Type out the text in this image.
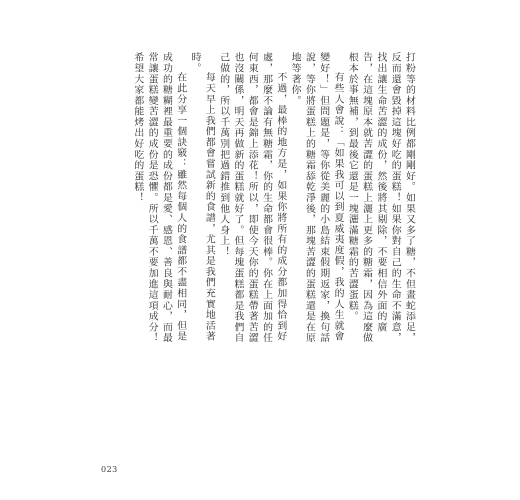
打粉等的材料比例都剛剛好。如果又多了糖，不但畫蛇添足，反而還會毀掉這塊好吃的蛋糕！如果你對自己的生命不滿意，找出讓生命苦澀的成份，然後將其剔除，不要相信外面的廣告，在這塊原本就苦澀的蛋糕上灑上更多的糖霜，因為這麼做根本於事無補，到最後它還是一塊灑滿糖霜的苦澀蛋糕。

有些人會說：「如果我可以到夏威夷度假，我的人生就會變好！」但問題是，等你從美麗的小島結束假期返家，換句話說，等你將蛋糕上的糖霜舔乾淨後，那塊苦澀的蛋糕還是在原地等著你。

不過，最棒的地方是，如果你將所有的成分都加得恰到好處，那麼不論有無糖霜，你的生命都會很棒。你在上面加的任何東西，都會是錦上添花！所以，即使今天你的蛋糕帶著苦澀也沒關係，明天再做新的蛋糕就好了。但每塊蛋糕都是我們自己做的，所以千萬別把過錯推到他人身上！

每天早上我們都會嘗試新的食譜，尤其是我們充實地活著時。

在此分享一個訣竅：雖然每個人的食譜都不盡相同，但是成功的糖糊裡最重要的成份都是愛、感恩、善良與耐心，而最常讓蛋糕變苦澀的成份是恐懼。所以千萬不要加進這項成分！希望大家都能烤出好吃的蛋糕！

023
